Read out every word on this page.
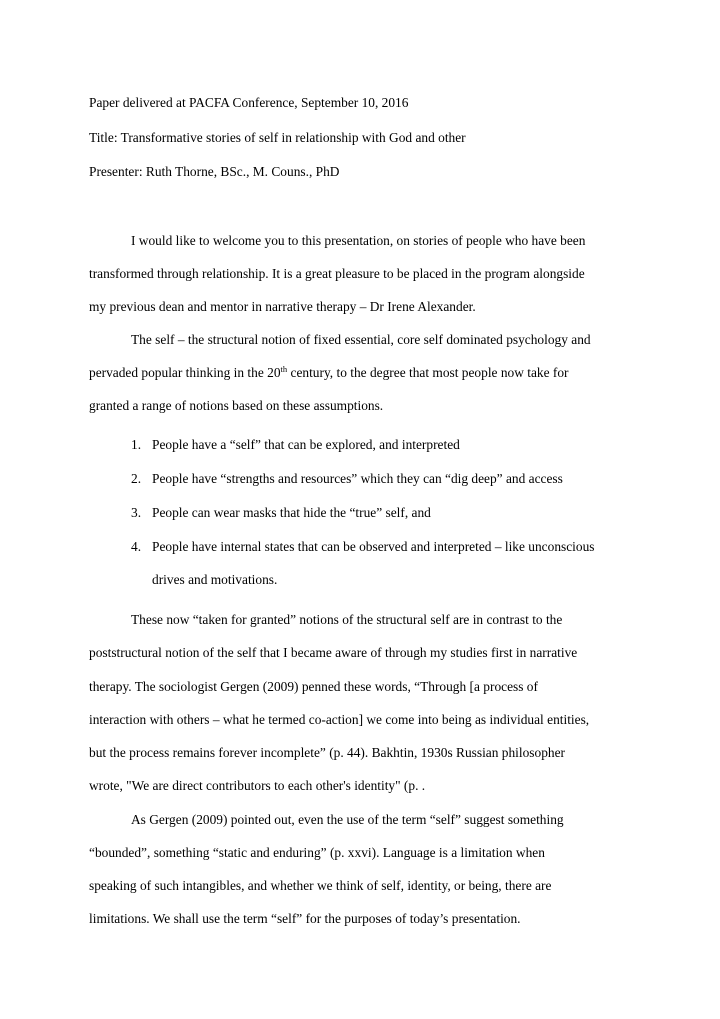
Paper delivered at PACFA Conference, September 10, 2016
Title: Transformative stories of self in relationship with God and other
Presenter: Ruth Thorne, BSc., M. Couns., PhD
I would like to welcome you to this presentation, on stories of people who have been
transformed through relationship. It is a great pleasure to be placed in the program alongside
my previous dean and mentor in narrative therapy – Dr Irene Alexander.
The self – the structural notion of fixed essential, core self dominated psychology and
pervaded popular thinking in the 20th century, to the degree that most people now take for
granted a range of notions based on these assumptions.
1. People have a “self” that can be explored, and interpreted
2. People have “strengths and resources” which they can “dig deep” and access
3. People can wear masks that hide the “true” self, and
4. People have internal states that can be observed and interpreted – like unconscious
drives and motivations.
These now “taken for granted” notions of the structural self are in contrast to the
poststructural notion of the self that I became aware of through my studies first in narrative
therapy. The sociologist Gergen (2009) penned these words, “Through [a process of
interaction with others – what he termed co-action] we come into being as individual entities,
but the process remains forever incomplete” (p. 44). Bakhtin, 1930s Russian philosopher
wrote, "We are direct contributors to each other's identity" (p. .
As Gergen (2009) pointed out, even the use of the term “self” suggest something
“bounded”, something “static and enduring” (p. xxvi). Language is a limitation when
speaking of such intangibles, and whether we think of self, identity, or being, there are
limitations. We shall use the term “self” for the purposes of today’s presentation.
